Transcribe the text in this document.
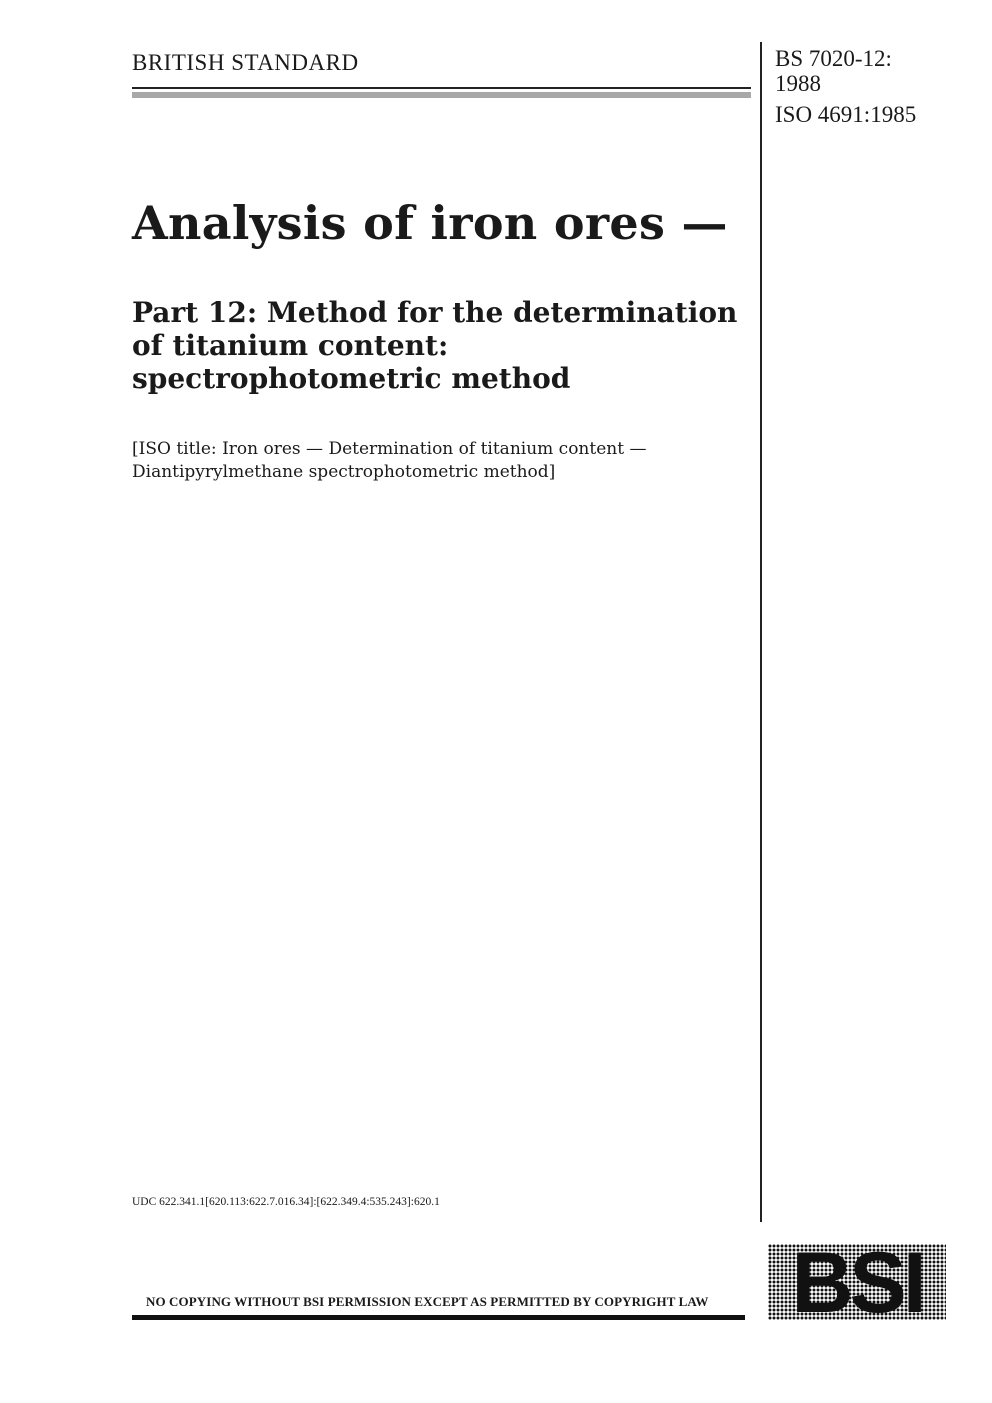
BRITISH STANDARD	BS 7020-12:
1988
ISO 4691:1985
Analysis of iron ores —
Part 12: Method for the determination
of titanium content:
spectrophotometric method
[ISO title: Iron ores — Determination of titanium content —
Diantipyrylmethane spectrophotometric method]
UDC 622.341.1[620.113:622.7.016.34]:[622.349.4:535.243]:620.1
NO COPYING WITHOUT BSI PERMISSION EXCEPT AS PERMITTED BY COPYRIGHT LAW BSI
